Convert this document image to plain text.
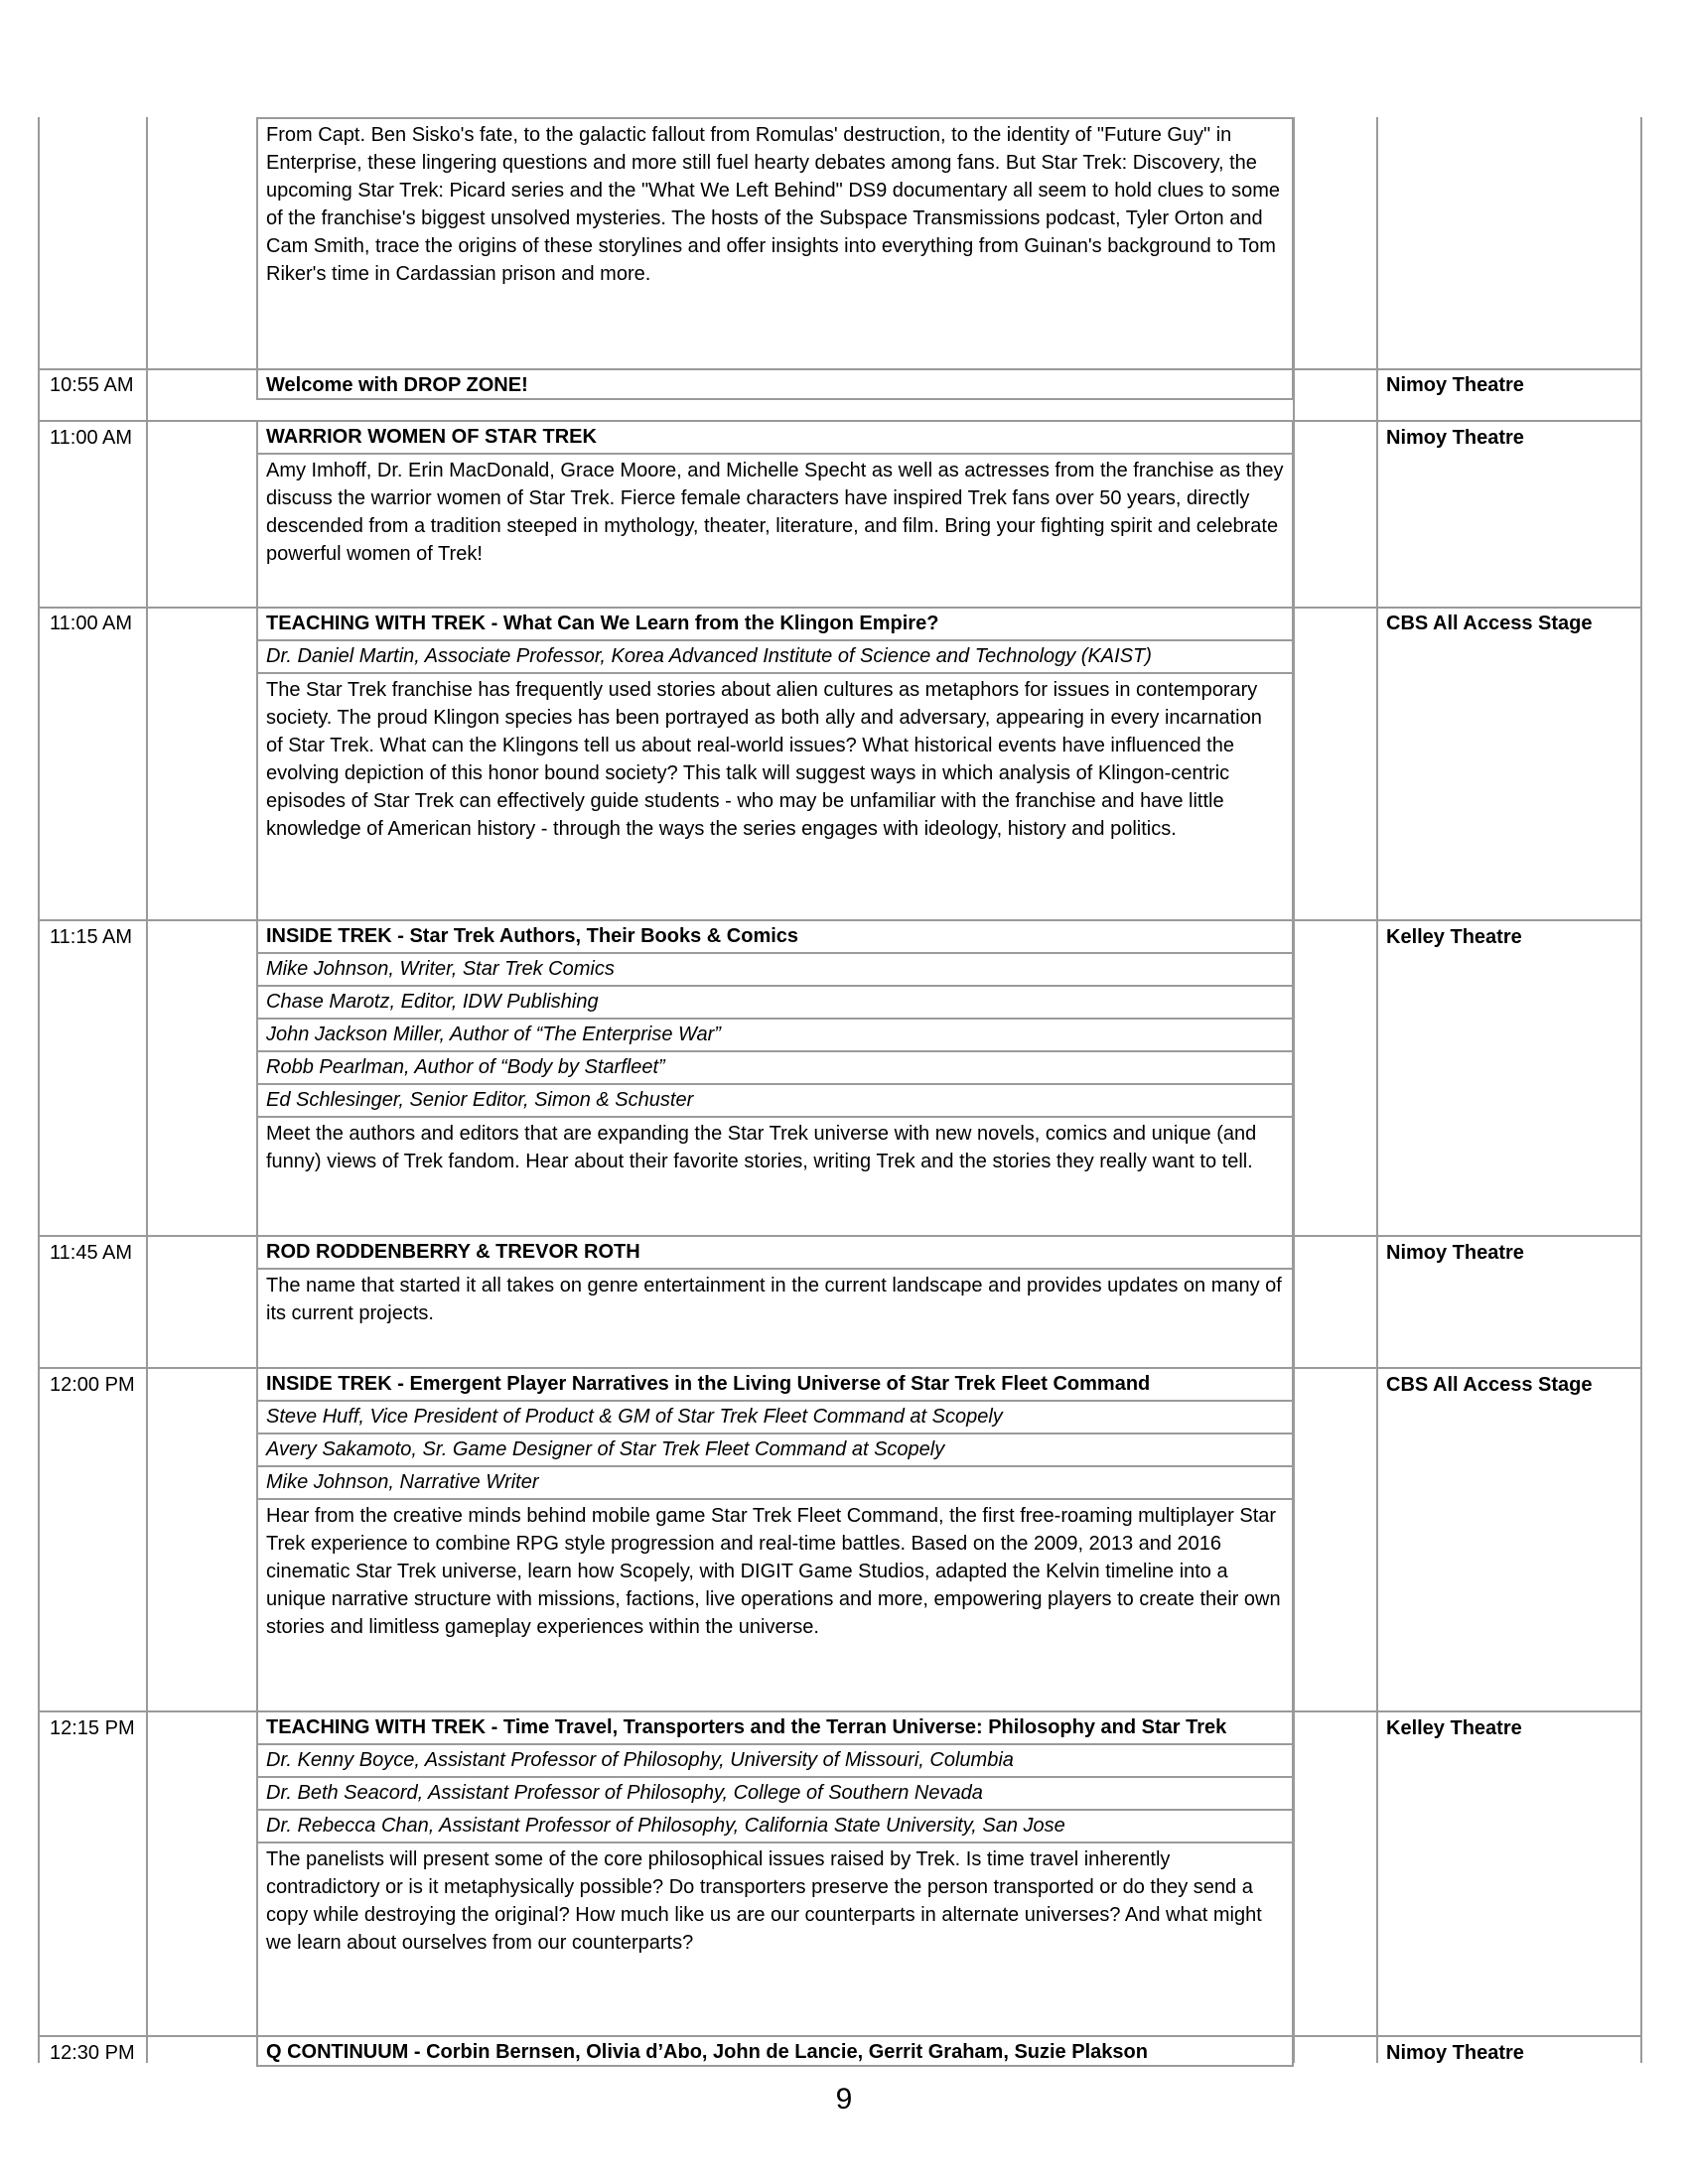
From Capt. Ben Sisko's fate, to the galactic fallout from Romulas' destruction, to the identity of "Future Guy" in Enterprise, these lingering questions and more still fuel hearty debates among fans. But Star Trek: Discovery, the upcoming Star Trek: Picard series and the "What We Left Behind" DS9 documentary all seem to hold clues to some of the franchise's biggest unsolved mysteries. The hosts of the Subspace Transmissions podcast, Tyler Orton and Cam Smith, trace the origins of these storylines and offer insights into everything from Guinan's background to Tom Riker's time in Cardassian prison and more.
10:55 AM	Nimoy Theatre
Welcome with DROP ZONE!
11:00 AM	Nimoy Theatre
WARRIOR WOMEN OF STAR TREK
Amy Imhoff, Dr. Erin MacDonald, Grace Moore, and Michelle Specht as well as actresses from the franchise as they discuss the warrior women of Star Trek. Fierce female characters have inspired Trek fans over 50 years, directly descended from a tradition steeped in mythology, theater, literature, and film. Bring your fighting spirit and celebrate powerful women of Trek!
11:00 AM	CBS All Access Stage
TEACHING WITH TREK - What Can We Learn from the Klingon Empire?
Dr. Daniel Martin, Associate Professor, Korea Advanced Institute of Science and Technology (KAIST)
The Star Trek franchise has frequently used stories about alien cultures as metaphors for issues in contemporary society. The proud Klingon species has been portrayed as both ally and adversary, appearing in every incarnation of Star Trek. What can the Klingons tell us about real-world issues? What historical events have influenced the evolving depiction of this honor bound society? This talk will suggest ways in which analysis of Klingon-centric episodes of Star Trek can effectively guide students - who may be unfamiliar with the franchise and have little knowledge of American history - through the ways the series engages with ideology, history and politics.
11:15 AM	Kelley Theatre
INSIDE TREK - Star Trek Authors, Their Books & Comics
Mike Johnson, Writer, Star Trek Comics
Chase Marotz, Editor, IDW Publishing
John Jackson Miller, Author of “The Enterprise War”
Robb Pearlman, Author of “Body by Starfleet”
Ed Schlesinger, Senior Editor, Simon & Schuster
Meet the authors and editors that are expanding the Star Trek universe with new novels, comics and unique (and funny) views of Trek fandom. Hear about their favorite stories, writing Trek and the stories they really want to tell.
11:45 AM	Nimoy Theatre
ROD RODDENBERRY & TREVOR ROTH
The name that started it all takes on genre entertainment in the current landscape and provides updates on many of its current projects.
12:00 PM	CBS All Access Stage
INSIDE TREK - Emergent Player Narratives in the Living Universe of Star Trek Fleet Command
Steve Huff, Vice President of Product & GM of Star Trek Fleet Command at Scopely
Avery Sakamoto, Sr. Game Designer of Star Trek Fleet Command at Scopely
Mike Johnson, Narrative Writer
Hear from the creative minds behind mobile game Star Trek Fleet Command, the first free-roaming multiplayer Star Trek experience to combine RPG style progression and real-time battles. Based on the 2009, 2013 and 2016 cinematic Star Trek universe, learn how Scopely, with DIGIT Game Studios, adapted the Kelvin timeline into a unique narrative structure with missions, factions, live operations and more, empowering players to create their own stories and limitless gameplay experiences within the universe.
12:15 PM	Kelley Theatre
TEACHING WITH TREK - Time Travel, Transporters and the Terran Universe: Philosophy and Star Trek
Dr. Kenny Boyce, Assistant Professor of Philosophy, University of Missouri, Columbia
Dr. Beth Seacord, Assistant Professor of Philosophy, College of Southern Nevada
Dr. Rebecca Chan, Assistant Professor of Philosophy, California State University, San Jose
The panelists will present some of the core philosophical issues raised by Trek. Is time travel inherently contradictory or is it metaphysically possible? Do transporters preserve the person transported or do they send a copy while destroying the original? How much like us are our counterparts in alternate universes? And what might we learn about ourselves from our counterparts?
12:30 PM	Nimoy Theatre
Q CONTINUUM - Corbin Bernsen, Olivia d’Abo, John de Lancie, Gerrit Graham, Suzie Plakson
9
